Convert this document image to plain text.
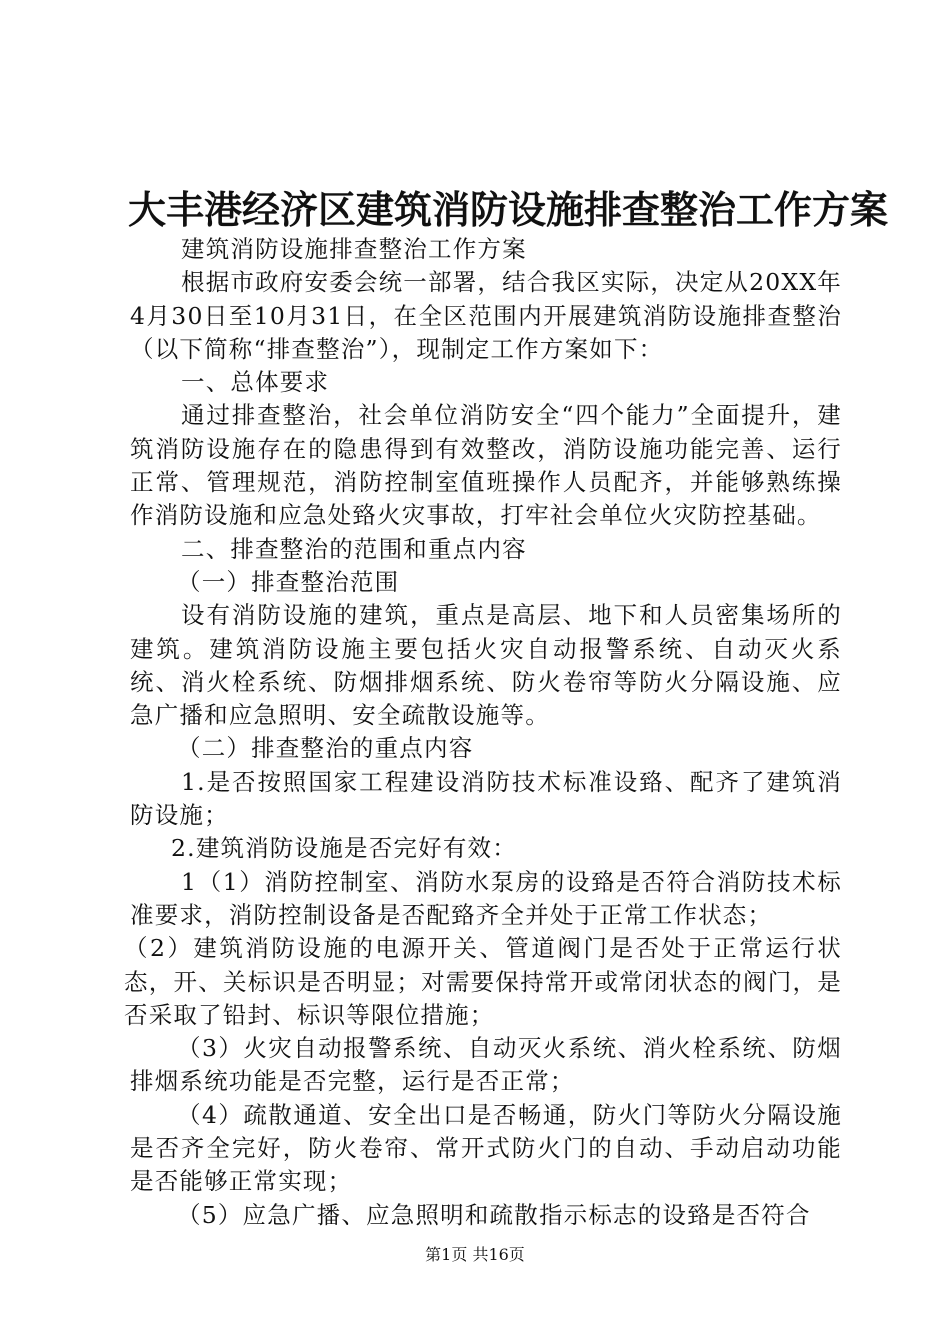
大丰港经济区建筑消防设施排查整治工作方案

建筑消防设施排查整治工作方案

根据市政府安委会统一部署，结合我区实际，决定从20XX年4月30日至10月31日，在全区范围内开展建筑消防设施排查整治（以下简称“排查整治”），现制定工作方案如下：

一、总体要求

通过排查整治，社会单位消防安全“四个能力”全面提升，建筑消防设施存在的隐患得到有效整改，消防设施功能完善、运行正常、管理规范，消防控制室值班操作人员配齐，并能够熟练操作消防设施和应急处臵火灾事故，打牢社会单位火灾防控基础。

二、排查整治的范围和重点内容

（一）排查整治范围

设有消防设施的建筑，重点是高层、地下和人员密集场所的建筑。建筑消防设施主要包括火灾自动报警系统、自动灭火系统、消火栓系统、防烟排烟系统、防火卷帘等防火分隔设施、应急广播和应急照明、安全疏散设施等。

（二）排查整治的重点内容

1.是否按照国家工程建设消防技术标准设臵、配齐了建筑消防设施；

2.建筑消防设施是否完好有效：

1（1）消防控制室、消防水泵房的设臵是否符合消防技术标准要求，消防控制设备是否配臵齐全并处于正常工作状态；

（2）建筑消防设施的电源开关、管道阀门是否处于正常运行状态，开、关标识是否明显；对需要保持常开或常闭状态的阀门，是否采取了铅封、标识等限位措施；

（3）火灾自动报警系统、自动灭火系统、消火栓系统、防烟排烟系统功能是否完整，运行是否正常；

（4）疏散通道、安全出口是否畅通，防火门等防火分隔设施是否齐全完好，防火卷帘、常开式防火门的自动、手动启动功能是否能够正常实现；

（5）应急广播、应急照明和疏散指示标志的设臵是否符合

第1页 共16页
